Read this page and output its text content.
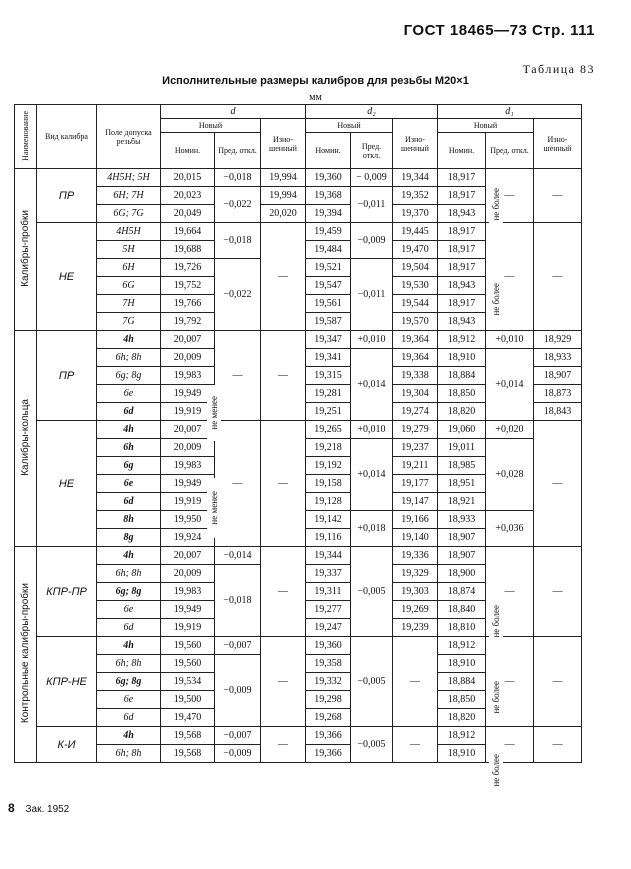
ГОСТ 18465—73 Стр. 111
Таблица 83
Исполнительные размеры калибров для резьбы М20×1
мм
Наименование	Вид калибра	Поле допуска резьбы	d			d₂			d₁		
			Новый		Изно-шенный	Новый		Изно-шенный	Новый		Изно-шенный
			Номин.	Пред. откл.		Номин.	Пред. откл.		Номин.	Пред. откл.	
Калибры-пробки	ПР	4H5H; 5H	20,015	−0,018	19,994	19,360	− 0,009	19,344	18,917	—	—
		6H; 7H	20,023	−0,022	19,994	19,368	−0,011	19,352	18,917		
		6G; 7G	20,049		20,020	19,394		19,370	18,943		
	НЕ	4H5H	19,664	−0,018	—	19,459	−0,009	19,445	18,917	—	—
		5H	19,688			19,484		19,470	18,917		
		6H	19,726	−0,022		19,521	−0,011	19,504	18,917		
		6G	19,752			19,547		19,530	18,943		
		7H	19,766			19,561		19,544	18,917		
		7G	19,792			19,587		19,570	18,943		
Калибры-кольца	ПР	4h	20,007	—	—	19,347	+0,010	19,364	18,912	+0,010	18,929
		6h; 8h	20,009			19,341	+0,014	19,364	18,910	+0,014	18,933
		6g; 8g	19,983			19,315		19,338	18,884		18,907
		6e	19,949			19,281		19,304	18,850		18,873
		6d	19,919			19,251		19,274	18,820		18,843
	НЕ	4h	20,007	—	—	19,265	+0,010	19,279	19,060	+0,020	—
		6h	20,009			19,218	+0,014	19,237	19,011	+0,028	
		6g	19,983			19,192		19,211	18,985		
		6e	19,949			19,158		19,177	18,951		
		6d	19,919			19,128		19,147	18,921		
		8h	19,950			19,142	+0,018	19,166	18,933	+0,036	
		8g	19,924			19,116		19,140	18,907		
Контрольные калибры-пробки	КПР-ПР	4h	20,007	−0,014	—	19,344	−0,005	19,336	18,907	—	—
		6h; 8h	20,009	−0,018		19,337		19,329	18,900		
		6g; 8g	19,983			19,311		19,303	18,874		
		6e	19,949			19,277		19,269	18,840		
		6d	19,919			19,247		19,239	18,810		
	КПР-НЕ	4h	19,560	−0,007	—	19,360	−0,005	—	18,912	—	—
		6h; 8h	19,560	−0,009		19,358			18,910		
		6g; 8g	19,534			19,332			18,884		
		6e	19,500			19,298			18,850		
		6d	19,470			19,268			18,820		
	К-И	4h	19,568	−0,007	—	19,366	−0,005	—	18,912	—	—
		6h; 8h	19,568	−0,009		19,366			18,910		
не более
не более
не менее
не менее
не более
не более
не более
8 Зак. 1952
